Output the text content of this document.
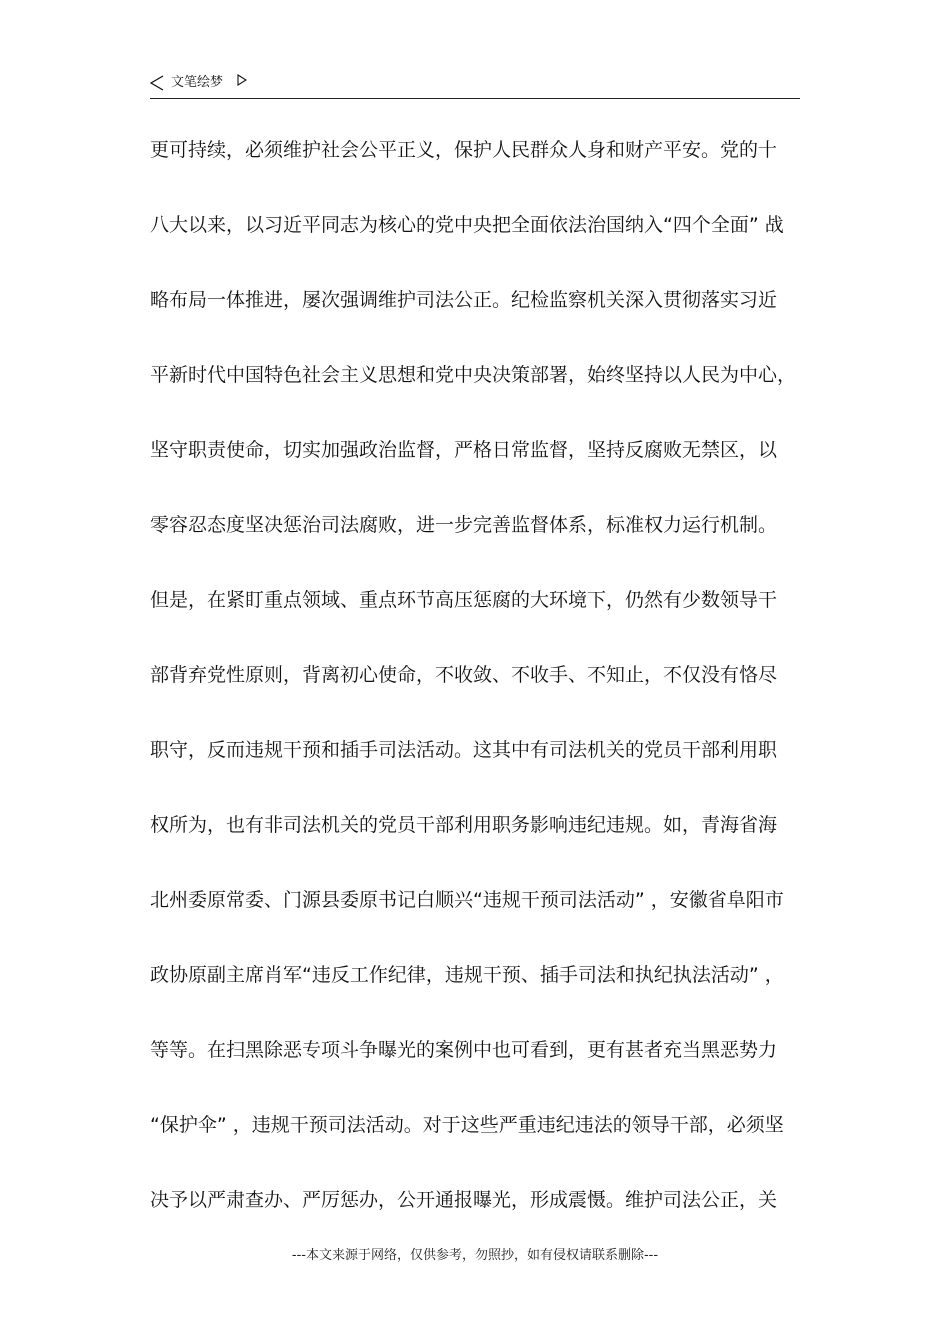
文笔绘梦
更可持续，必须维护社会公平正义，保护人民群众人身和财产平安。党的十
八大以来，以习近平同志为核心的党中央把全面依法治国纳入“四个全面” 战
略布局一体推进，屡次强调维护司法公正。纪检监察机关深入贯彻落实习近
平新时代中国特色社会主义思想和党中央决策部署，始终坚持以人民为中心，
坚守职责使命，切实加强政治监督，严格日常监督，坚持反腐败无禁区，以
零容忍态度坚决惩治司法腐败，进一步完善监督体系，标准权力运行机制。
但是，在紧盯重点领域、重点环节高压惩腐的大环境下，仍然有少数领导干
部背弃党性原则，背离初心使命，不收敛、不收手、不知止，不仅没有恪尽
职守，反而违规干预和插手司法活动。这其中有司法机关的党员干部利用职
权所为，也有非司法机关的党员干部利用职务影响违纪违规。如，青海省海
北州委原常委、门源县委原书记白顺兴“违规干预司法活动” ，安徽省阜阳市
政协原副主席肖军“违反工作纪律，违规干预、插手司法和执纪执法活动” ，
等等。在扫黑除恶专项斗争曝光的案例中也可看到，更有甚者充当黑恶势力
“保护伞” ，违规干预司法活动。对于这些严重违纪违法的领导干部，必须坚
决予以严肃查办、严厉惩办，公开通报曝光，形成震慑。维护司法公正，关
---本文来源于网络，仅供参考，勿照抄，如有侵权请联系删除---
